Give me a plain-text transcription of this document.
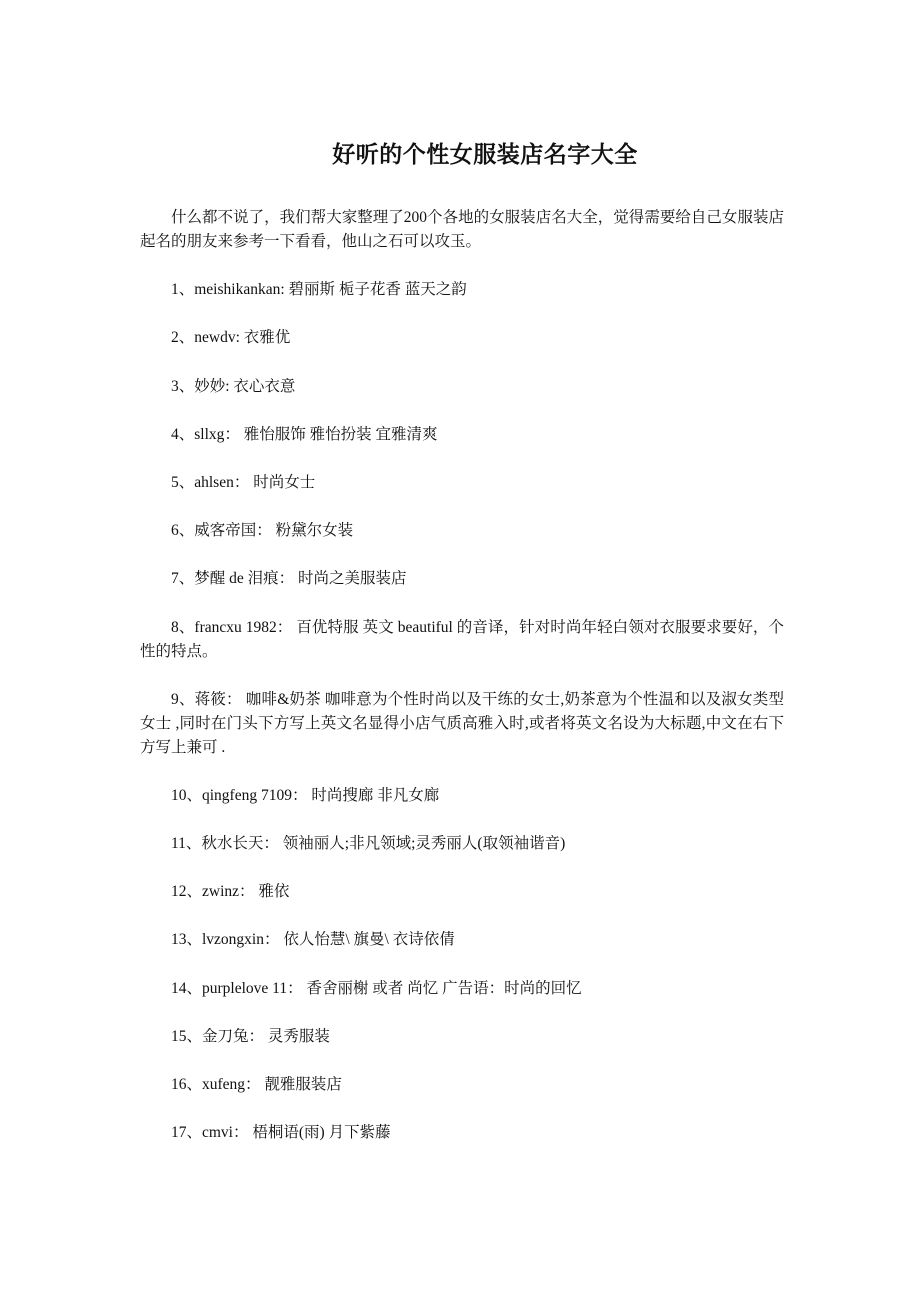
好听的个性女服装店名字大全

什么都不说了，我们帮大家整理了200个各地的女服装店名大全，觉得需要给自己女服装店起名的朋友来参考一下看看，他山之石可以攻玉。

1、meishikankan: 碧丽斯 栀子花香 蓝天之韵

2、newdv: 衣雅优

3、妙妙: 衣心衣意

4、sllxg： 雅怡服饰 雅怡扮装 宜雅清爽

5、ahlsen： 时尚女士

6、威客帝国： 粉黛尔女装

7、梦醒 de 泪痕： 时尚之美服装店

8、francxu 1982： 百优特服 英文 beautiful 的音译，针对时尚年轻白领对衣服要求要好，个性的特点。

9、蒋筱： 咖啡&奶茶 咖啡意为个性时尚以及干练的女士,奶茶意为个性温和以及淑女类型女士 ,同时在门头下方写上英文名显得小店气质高雅入时,或者将英文名设为大标题,中文在右下方写上兼可 .

10、qingfeng 7109： 时尚搜廊 非凡女廊

11、秋水长天： 领袖丽人;非凡领域;灵秀丽人(取领袖谐音)

12、zwinz： 雅依

13、lvzongxin： 依人怡慧\ 旗曼\ 衣诗依倩

14、purplelove 11： 香舍丽榭 或者 尚忆 广告语：时尚的回忆

15、金刀兔： 灵秀服装

16、xufeng： 靓雅服装店

17、cmvi： 梧桐语(雨) 月下紫藤
